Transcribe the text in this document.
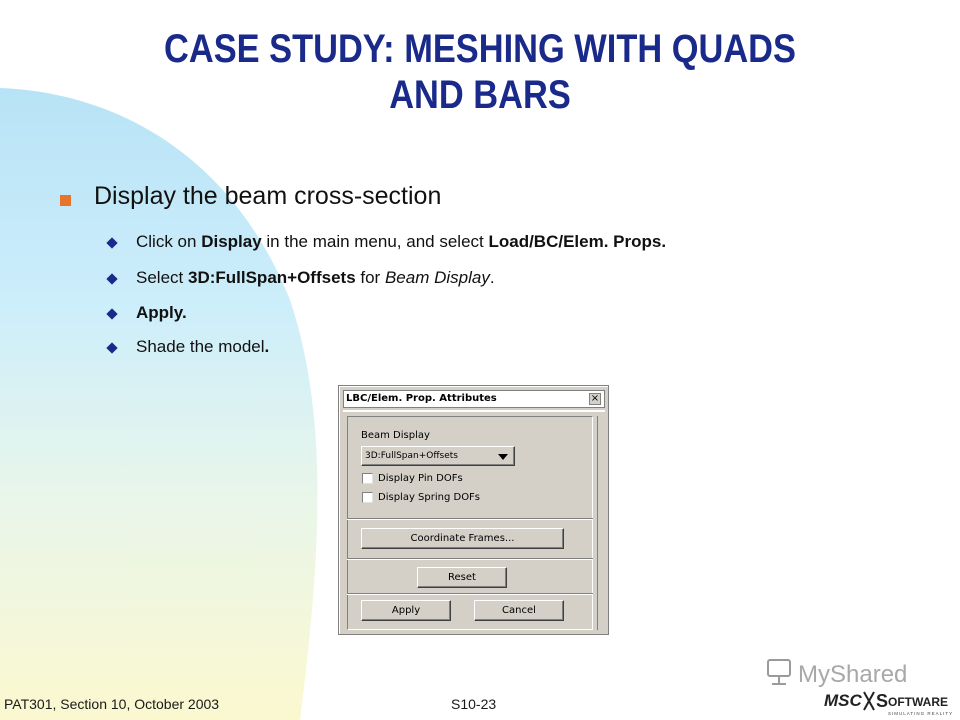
CASE STUDY: MESHING WITH QUADS
AND BARS
Display the beam cross-section
Click on Display in the main menu, and select Load/BC/Elem. Props.
Select 3D:FullSpan+Offsets for Beam Display.
Apply.
Shade the model.
LBC/Elem. Prop. Attributes	×
Beam Display
3D:FullSpan+Offsets
Display Pin DOFs
Display Spring DOFs
Coordinate Frames...
Reset
Apply	Cancel
PAT301, Section 10, October 2003	S10-23
MyShared
MSC S OFTWARE
SIMULATING REALITY
